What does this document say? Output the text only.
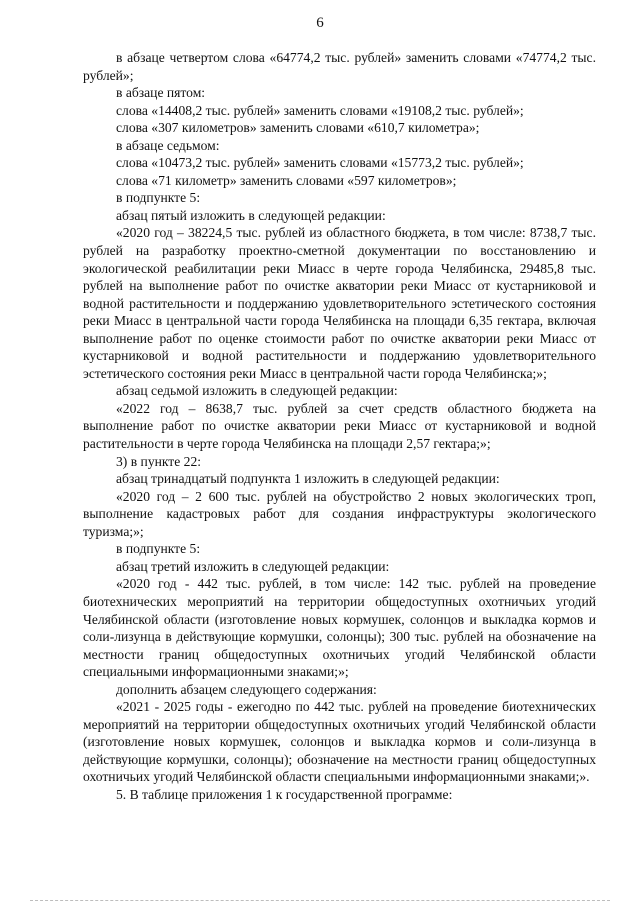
6

в абзаце четвертом слова «64774,2 тыс. рублей» заменить словами «74774,2 тыс. рублей»;

в абзаце пятом:

слова «14408,2 тыс. рублей» заменить словами «19108,2 тыс. рублей»;

слова «307 километров» заменить словами «610,7 километра»;

в абзаце седьмом:

слова «10473,2 тыс. рублей» заменить словами «15773,2 тыс. рублей»;

слова «71 километр» заменить словами «597 километров»;

в подпункте 5:

абзац пятый изложить в следующей редакции:

«2020 год – 38224,5 тыс. рублей из областного бюджета, в том числе: 8738,7 тыс. рублей на разработку проектно-сметной документации по восстановлению и экологической реабилитации реки Миасс в черте города Челябинска, 29485,8 тыс. рублей на выполнение работ по очистке акватории реки Миасс от кустарниковой и водной растительности и поддержанию удовлетворительного эстетического состояния реки Миасс в центральной части города Челябинска на площади 6,35 гектара, включая выполнение работ по оценке стоимости работ по очистке акватории реки Миасс от кустарниковой и водной растительности и поддержанию удовлетворительного эстетического состояния реки Миасс в центральной части города Челябинска;»;

абзац седьмой изложить в следующей редакции:

«2022 год – 8638,7 тыс. рублей за счет средств областного бюджета на выполнение работ по очистке акватории реки Миасс от кустарниковой и водной растительности в черте города Челябинска на площади 2,57 гектара;»;

3) в пункте 22:

абзац тринадцатый подпункта 1 изложить в следующей редакции:

«2020 год – 2 600 тыс. рублей на обустройство 2 новых экологических троп, выполнение кадастровых работ для создания инфраструктуры экологического туризма;»;

в подпункте 5:

абзац третий изложить в следующей редакции:

«2020 год - 442 тыс. рублей, в том числе: 142 тыс. рублей на проведение биотехнических мероприятий на территории общедоступных охотничьих угодий Челябинской области (изготовление новых кормушек, солонцов и выкладка кормов и соли-лизунца в действующие кормушки, солонцы); 300 тыс. рублей на обозначение на местности границ общедоступных охотничьих угодий Челябинской области специальными информационными знаками;»;

дополнить абзацем следующего содержания:

«2021 - 2025 годы - ежегодно по 442 тыс. рублей на проведение биотехнических мероприятий на территории общедоступных охотничьих угодий Челябинской области (изготовление новых кормушек, солонцов и выкладка кормов и соли-лизунца в действующие кормушки, солонцы); обозначение на местности границ общедоступных охотничьих угодий Челябинской области специальными информационными знаками;».

5. В таблице приложения 1 к государственной программе:
